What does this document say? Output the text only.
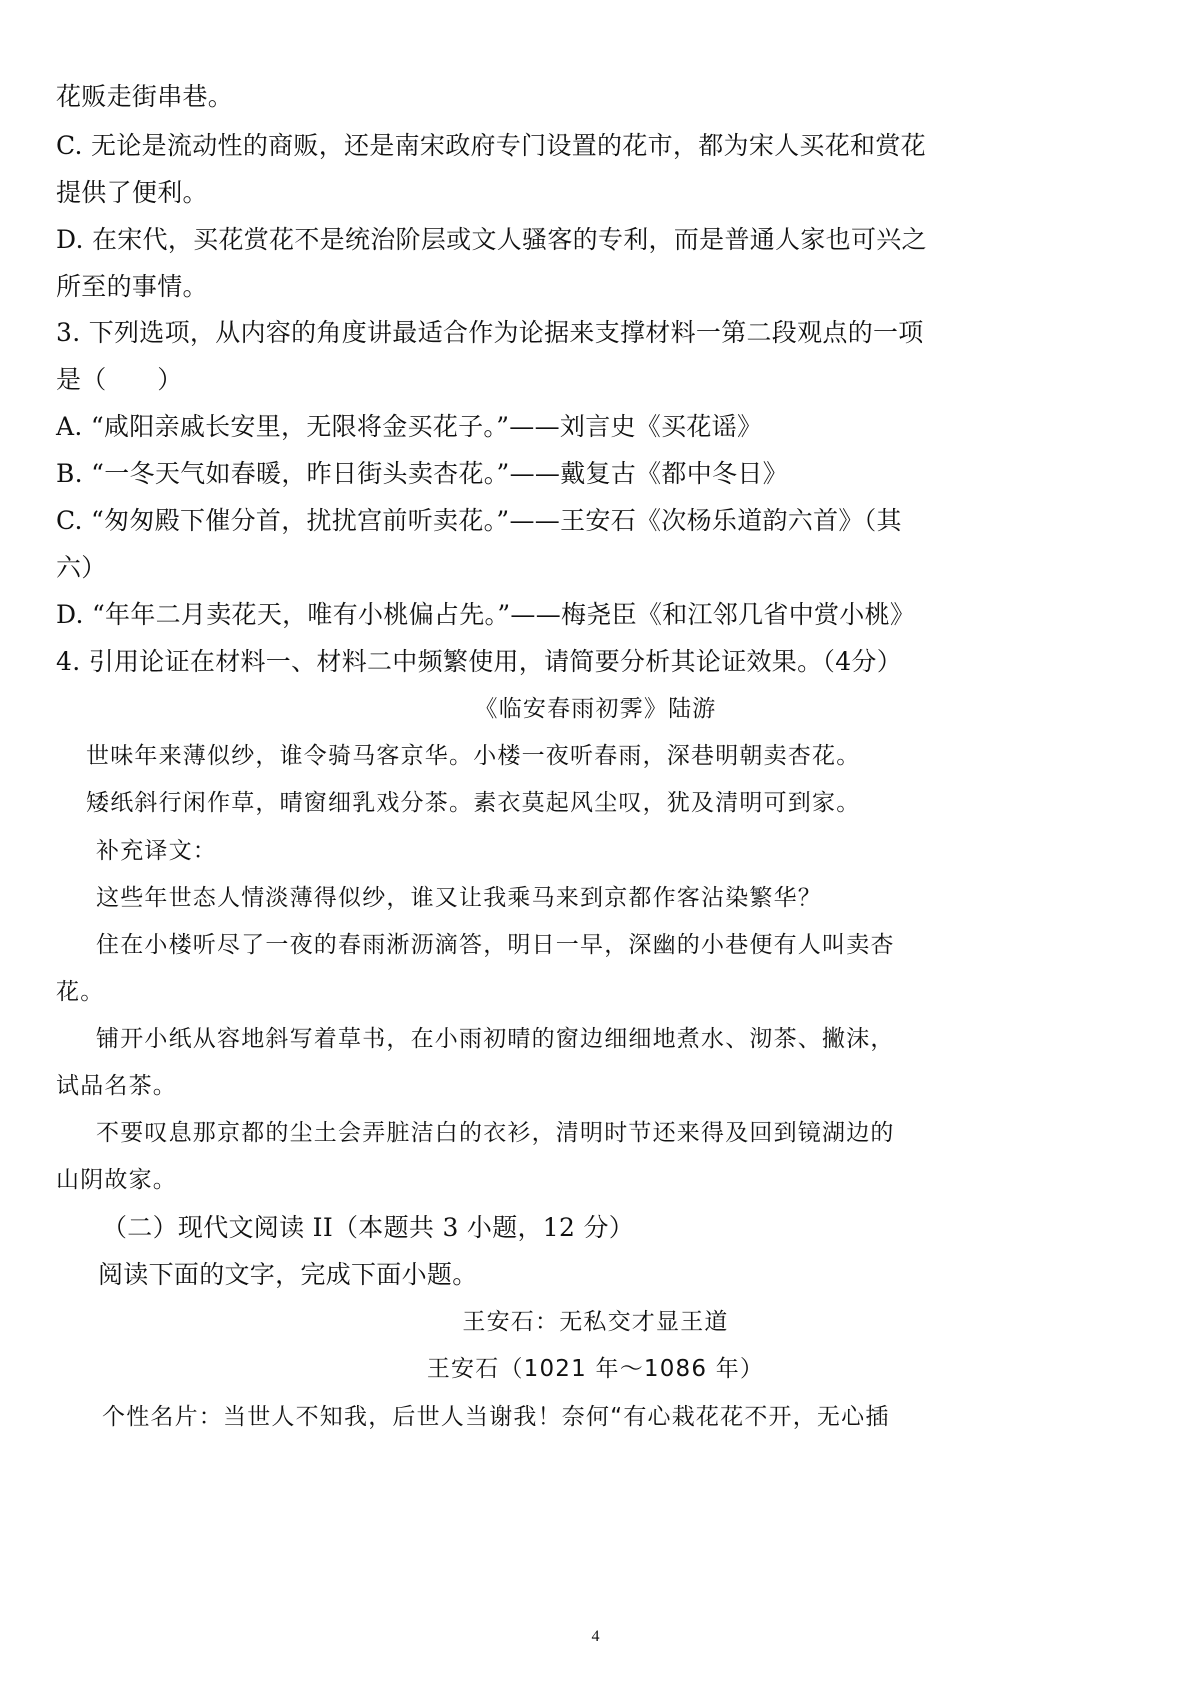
花贩走街串巷。
C. 无论是流动性的商贩，还是南宋政府专门设置的花市，都为宋人买花和赏花
提供了便利。
D. 在宋代，买花赏花不是统治阶层或文人骚客的专利，而是普通人家也可兴之
所至的事情。
3. 下列选项，从内容的角度讲最适合作为论据来支撑材料一第二段观点的一项
是（　　）
A. “咸阳亲戚长安里，无限将金买花子。”——刘言史《买花谣》
B. “一冬天气如春暖，昨日街头卖杏花。”——戴复古《都中冬日》
C. “匆匆殿下催分首，扰扰宫前听卖花。”——王安石《次杨乐道韵六首》（其
六）
D. “年年二月卖花天，唯有小桃偏占先。”——梅尧臣《和江邻几省中赏小桃》
4. 引用论证在材料一、材料二中频繁使用，请简要分析其论证效果。（4分）
《临安春雨初霁》陆游
世味年来薄似纱，谁令骑马客京华。小楼一夜听春雨，深巷明朝卖杏花。
矮纸斜行闲作草，晴窗细乳戏分茶。素衣莫起风尘叹，犹及清明可到家。
补充译文：
这些年世态人情淡薄得似纱，谁又让我乘马来到京都作客沾染繁华？
住在小楼听尽了一夜的春雨淅沥滴答，明日一早，深幽的小巷便有人叫卖杏
花。
铺开小纸从容地斜写着草书，在小雨初晴的窗边细细地煮水、沏茶、撇沫，
试品名茶。
不要叹息那京都的尘土会弄脏洁白的衣衫，清明时节还来得及回到镜湖边的
山阴故家。
（二）现代文阅读 II（本题共 3 小题，12 分）
阅读下面的文字，完成下面小题。
王安石：无私交才显王道
王安石（1021 年～1086 年）
个性名片：当世人不知我，后世人当谢我！奈何“有心栽花花不开，无心插
4
